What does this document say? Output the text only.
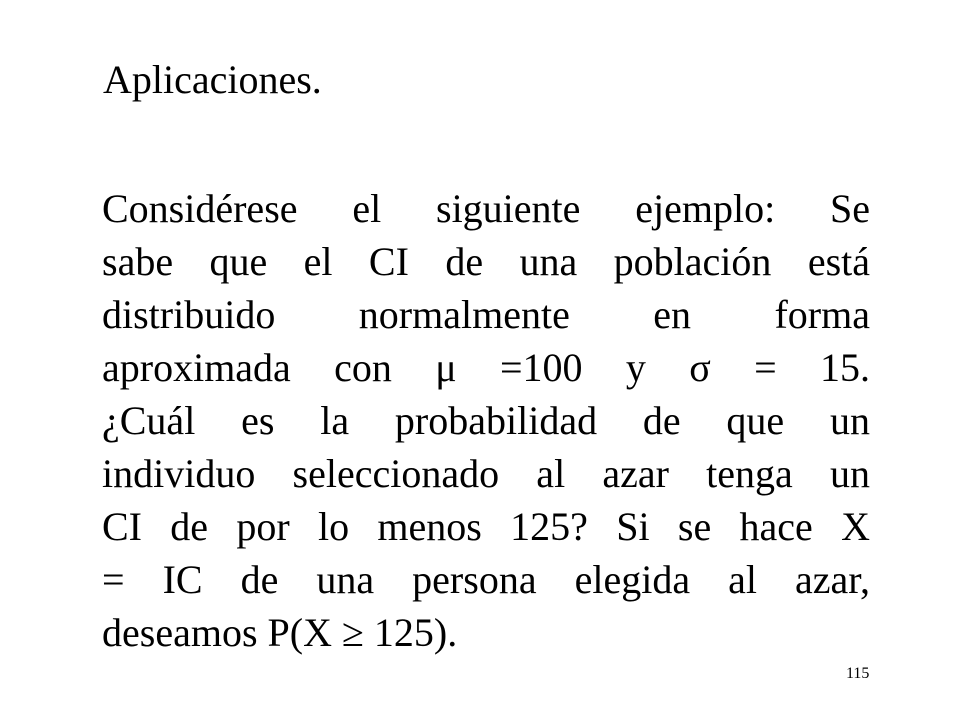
Aplicaciones.
Considérese el siguiente ejemplo: Se
sabe que el CI de una población está
distribuido normalmente en forma
aproximada con μ =100 y σ = 15.
¿Cuál es la probabilidad de que un
individuo seleccionado al azar tenga un
CI de por lo menos 125? Si se hace X
= IC de una persona elegida al azar,
deseamos P(X ≥ 125).
115
